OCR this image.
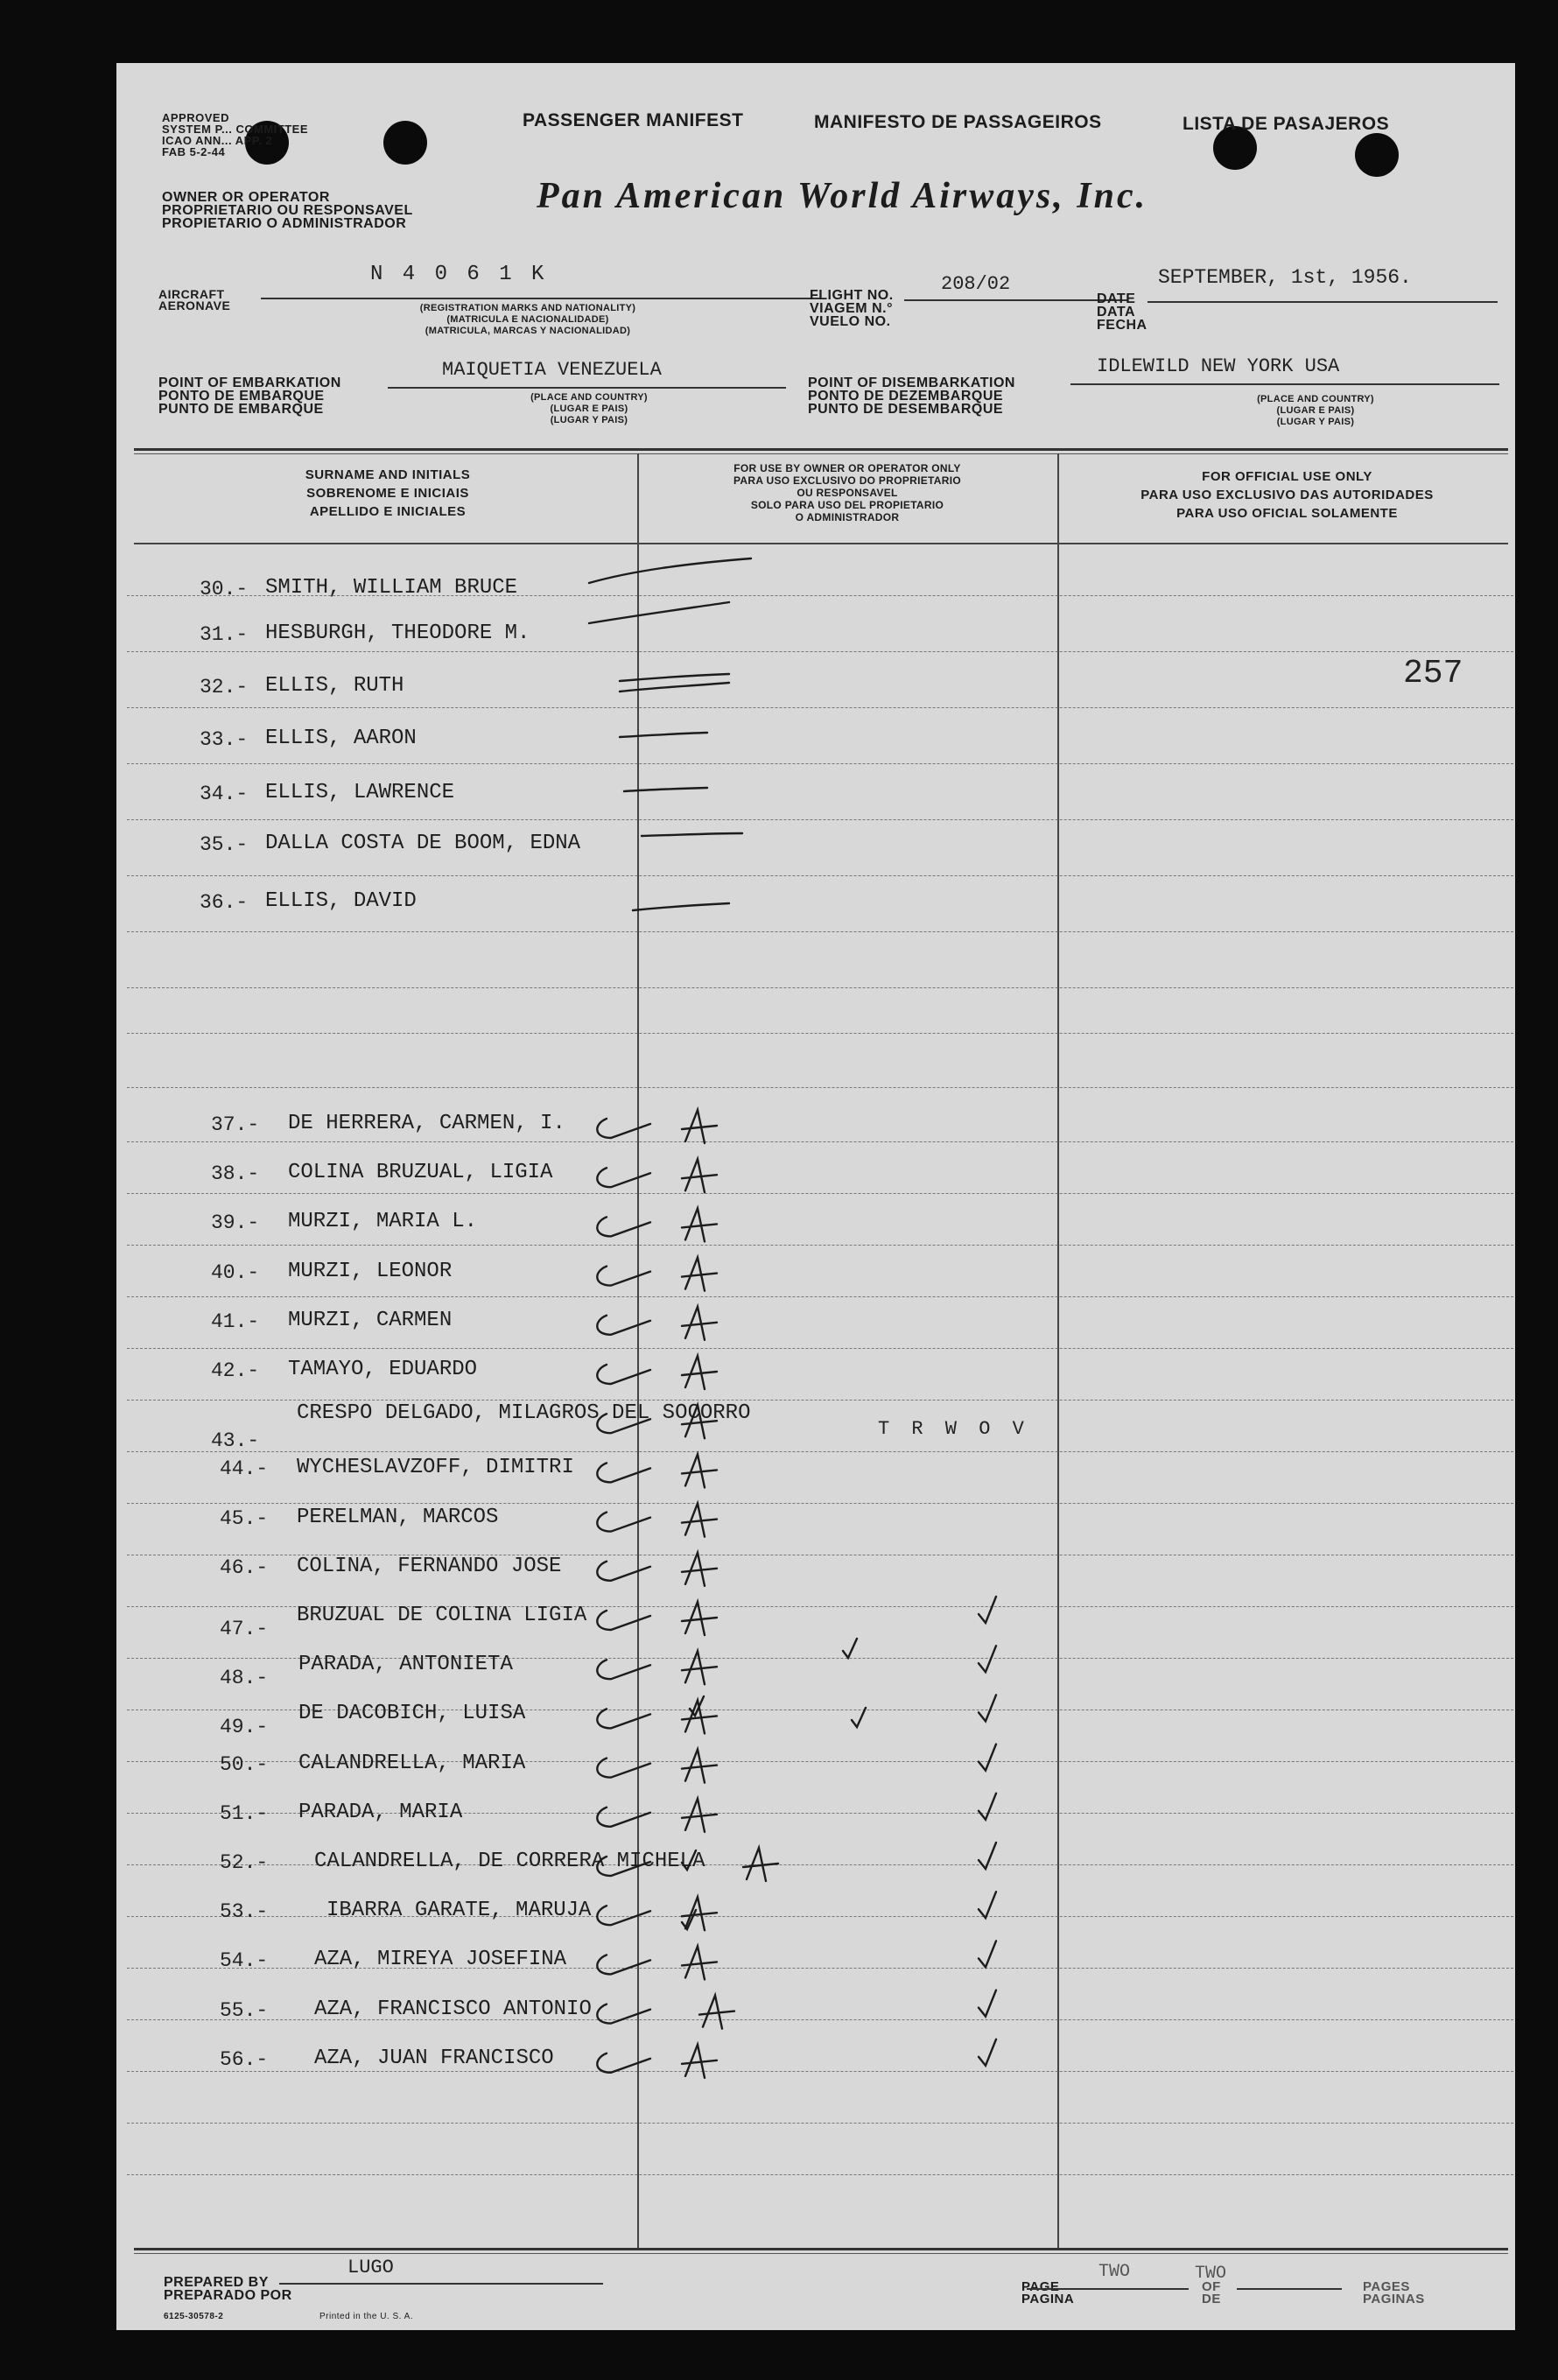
APPROVED
SYSTEM P... COMMITTEE
ICAO ANN... APP. 2
FAB 5-2-44
PASSENGER MANIFEST	MANIFESTO DE PASSAGEIROS	LISTA DE PASAJEROS
OWNER OR OPERATOR
PROPRIETARIO OU RESPONSAVEL
PROPIETARIO O ADMINISTRADOR
Pan American World Airways, Inc.
AIRCRAFT
AERONAVE
N 4 0 6 1 K
(REGISTRATION MARKS AND NATIONALITY)
(MATRICULA E NACIONALIDADE)
(MATRICULA, MARCAS Y NACIONALIDAD)
FLIGHT NO.
VIAGEM N.°
VUELO NO.
208/02
DATE
DATA
FECHA
SEPTEMBER, 1st, 1956.
POINT OF EMBARKATION
PONTO DE EMBARQUE
PUNTO DE EMBARQUE
MAIQUETIA VENEZUELA
(PLACE AND COUNTRY)
(LUGAR E PAIS)
(LUGAR Y PAIS)
POINT OF DISEMBARKATION
PONTO DE DEZEMBARQUE
PUNTO DE DESEMBARQUE
IDLEWILD NEW YORK USA
(PLACE AND COUNTRY)
(LUGAR E PAIS)
(LUGAR Y PAIS)
SURNAME AND INITIALS
SOBRENOME E INICIAIS
APELLIDO E INICIALES
FOR USE BY OWNER OR OPERATOR ONLY
PARA USO EXCLUSIVO DO PROPRIETARIO
OU RESPONSAVEL
SOLO PARA USO DEL PROPIETARIO
O ADMINISTRADOR
FOR OFFICIAL USE ONLY
PARA USO EXCLUSIVO DAS AUTORIDADES
PARA USO OFICIAL SOLAMENTE
30.- SMITH, WILLIAM BRUCE
31.- HESBURGH, THEODORE M.
32.- ELLIS, RUTH
33.- ELLIS, AARON
34.- ELLIS, LAWRENCE
35.- DALLA COSTA DE BOOM, EDNA
36.- ELLIS, DAVID
37.- DE HERRERA, CARMEN, I.
38.- COLINA BRUZUAL, LIGIA
39.- MURZI, MARIA L.
40.- MURZI, LEONOR
41.- MURZI, CARMEN
42.- TAMAYO, EDUARDO
43.-
CRESPO DELGADO, MILAGROS DEL SOCORRO
44.- WYCHESLAVZOFF, DIMITRI
45.- PERELMAN, MARCOS
46.- COLINA, FERNANDO JOSE
47.-
BRUZUAL DE COLINA LIGIA
48.-
PARADA, ANTONIETA
49.-
DE DACOBICH, LUISA
50.- CALANDRELLA, MARIA
51.- PARADA, MARIA
52.- CALANDRELLA, DE CORRERA MICHELA
53.-	IBARRA GARATE, MARUJA
54.- AZA, MIREYA JOSEFINA
55.- AZA, FRANCISCO ANTONIO
56.- AZA, JUAN FRANCISCO
257
T R W O V
PREPARED BY
PREPARADO POR
LUGO
6125-30578-2	Printed in the U. S. A.
PAGE
PAGINA
TWO
OF
DE
TWO
PAGES
PAGINAS
